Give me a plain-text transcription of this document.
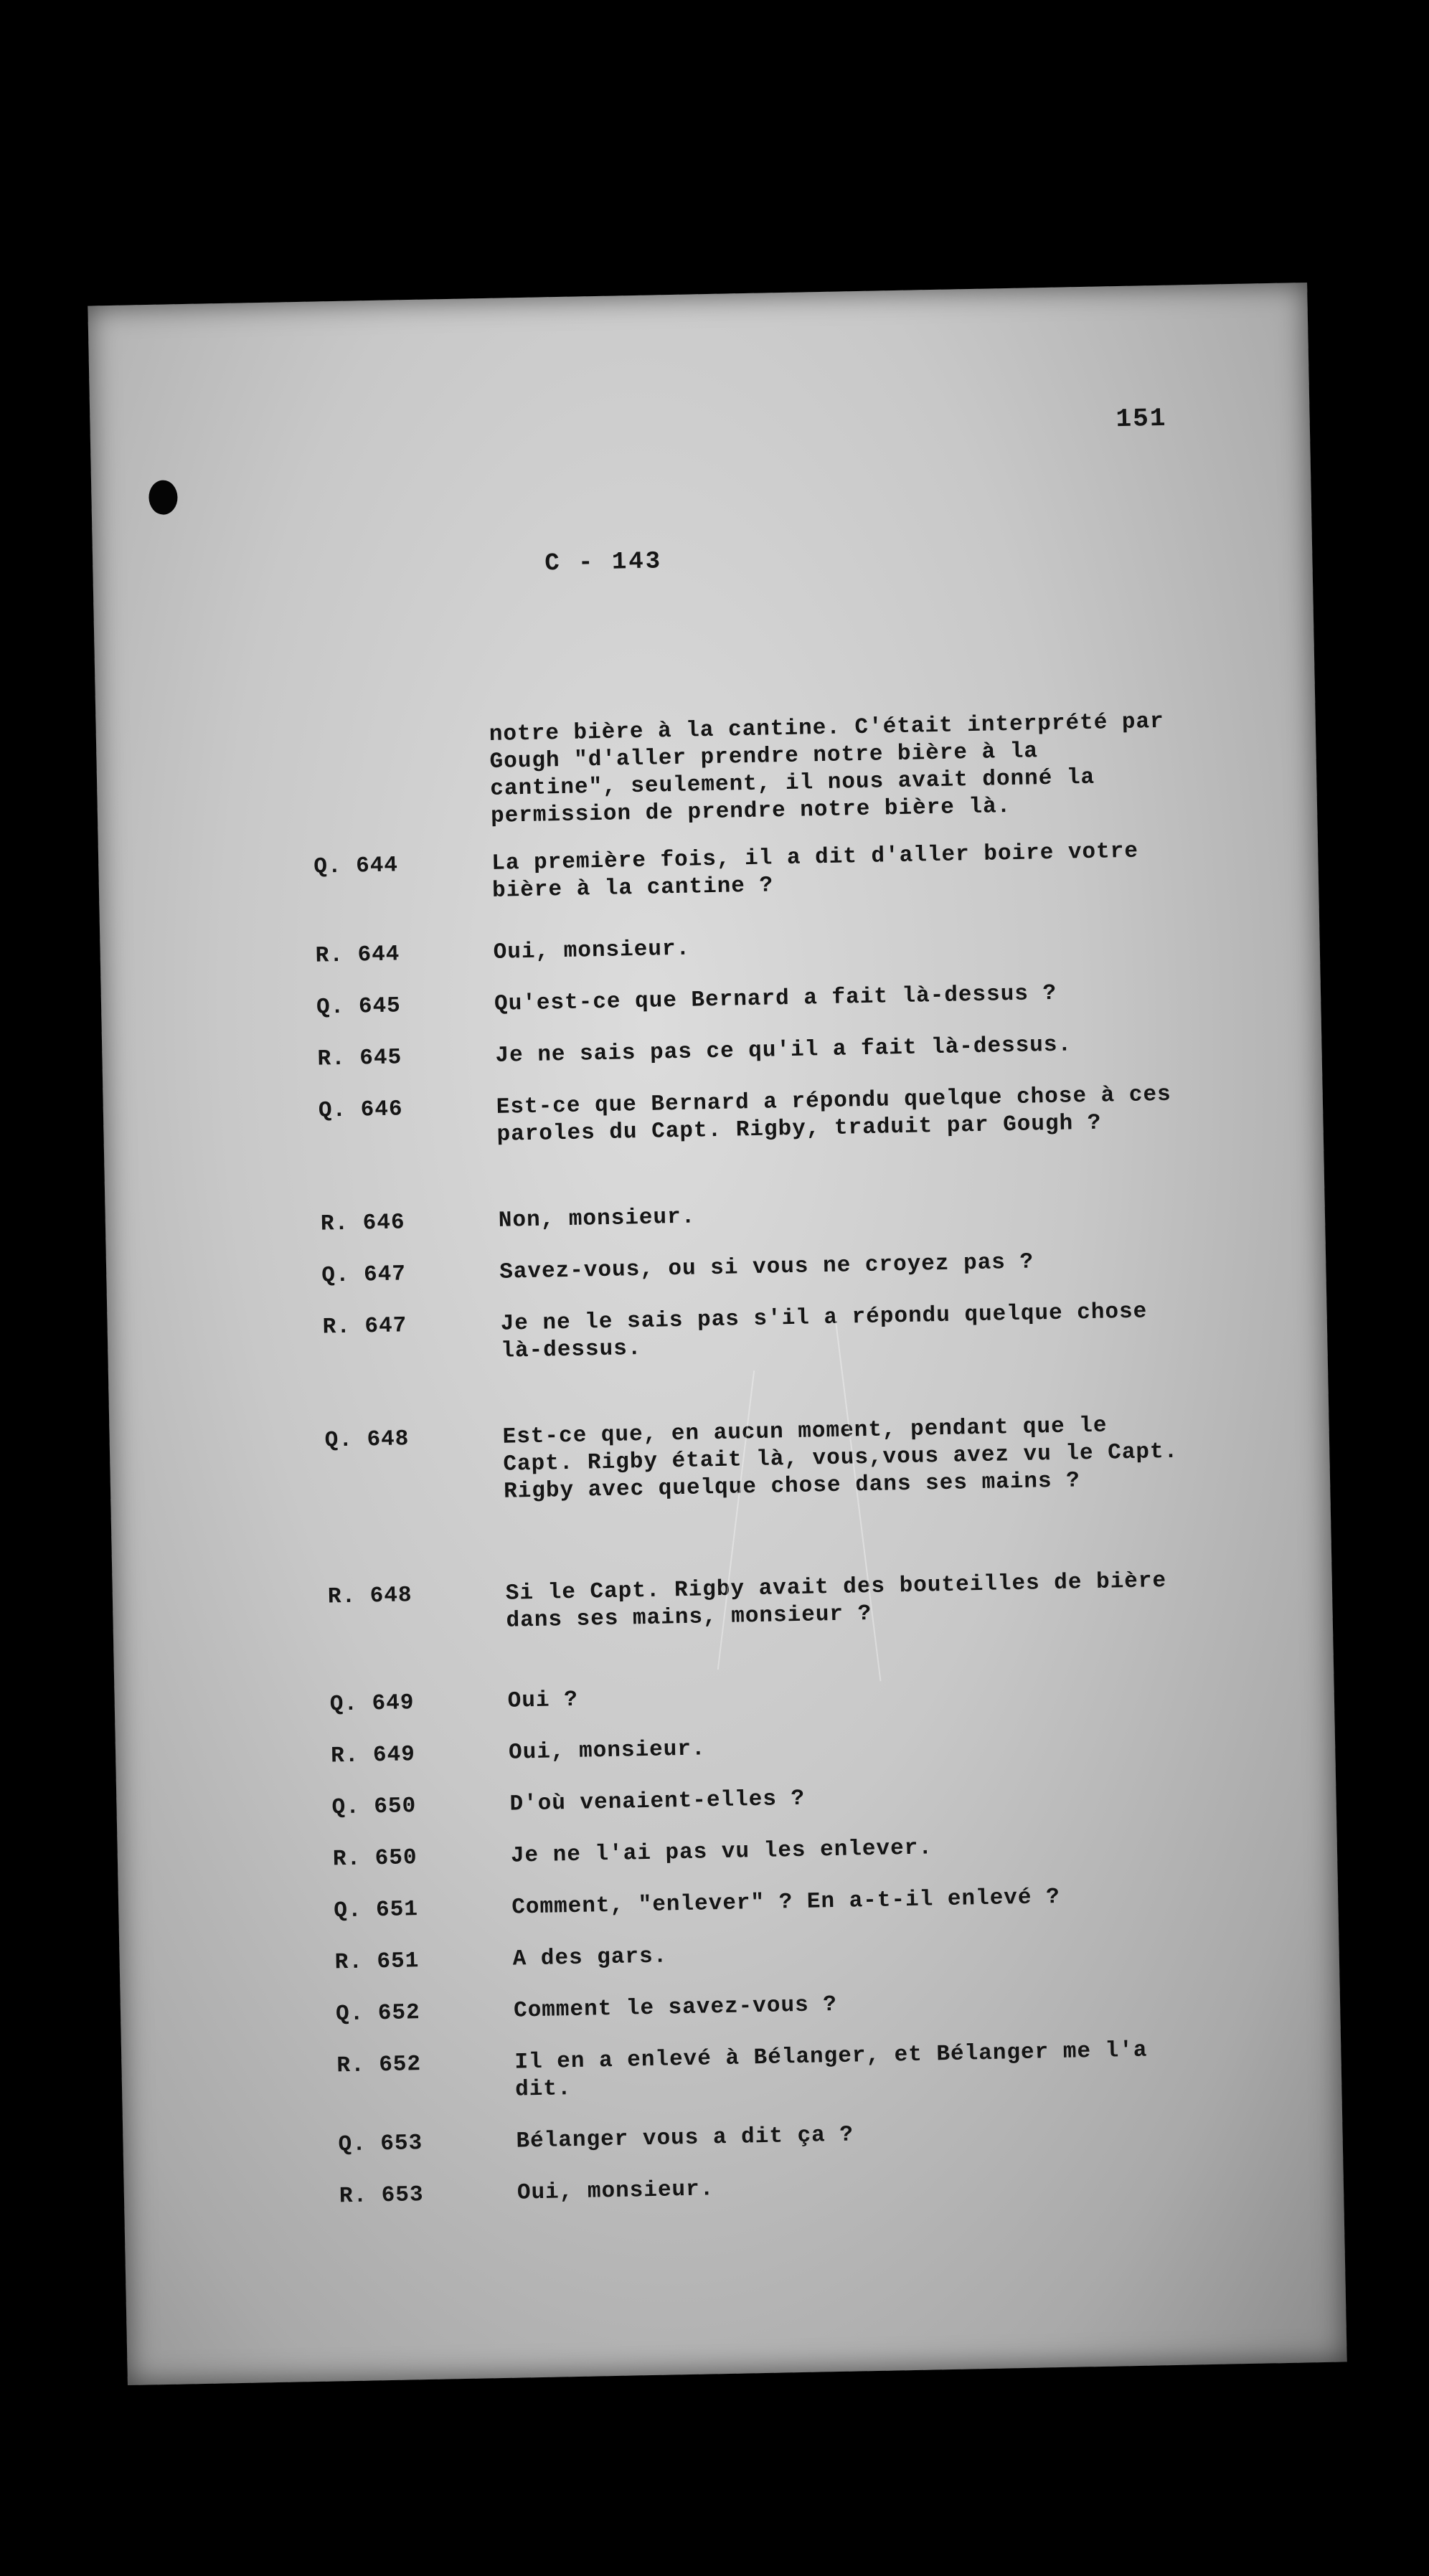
151
C - 143
notre bière à la cantine. C'était interprété par Gough "d'aller prendre notre bière à la cantine", seulement, il nous avait donné la permission de prendre notre bière là.
Q. 644	La première fois, il a dit d'aller boire votre bière à la cantine ?
R. 644	Oui, monsieur.
Q. 645	Qu'est-ce que Bernard a fait là-dessus ?
R. 645	Je ne sais pas ce qu'il a fait là-dessus.
Q. 646	Est-ce que Bernard a répondu quelque chose à ces paroles du Capt. Rigby, traduit par Gough ?
R. 646	Non, monsieur.
Q. 647	Savez-vous, ou si vous ne croyez pas ?
R. 647	Je ne le sais pas s'il a répondu quelque chose là-dessus.
Q. 648	Est-ce que, en aucun moment, pendant que le Capt. Rigby était là, vous,vous avez vu le Capt. Rigby avec quelque chose dans ses mains ?
R. 648	Si le Capt. Rigby avait des bouteilles de bière dans ses mains, monsieur ?
Q. 649	Oui ?
R. 649	Oui, monsieur.
Q. 650	D'où venaient-elles ?
R. 650	Je ne l'ai pas vu les enlever.
Q. 651	Comment, "enlever" ? En a-t-il enlevé ?
R. 651	A des gars.
Q. 652	Comment le savez-vous ?
R. 652	Il en a enlevé à Bélanger, et Bélanger me l'a dit.
Q. 653	Bélanger vous a dit ça ?
R. 653	Oui, monsieur.
